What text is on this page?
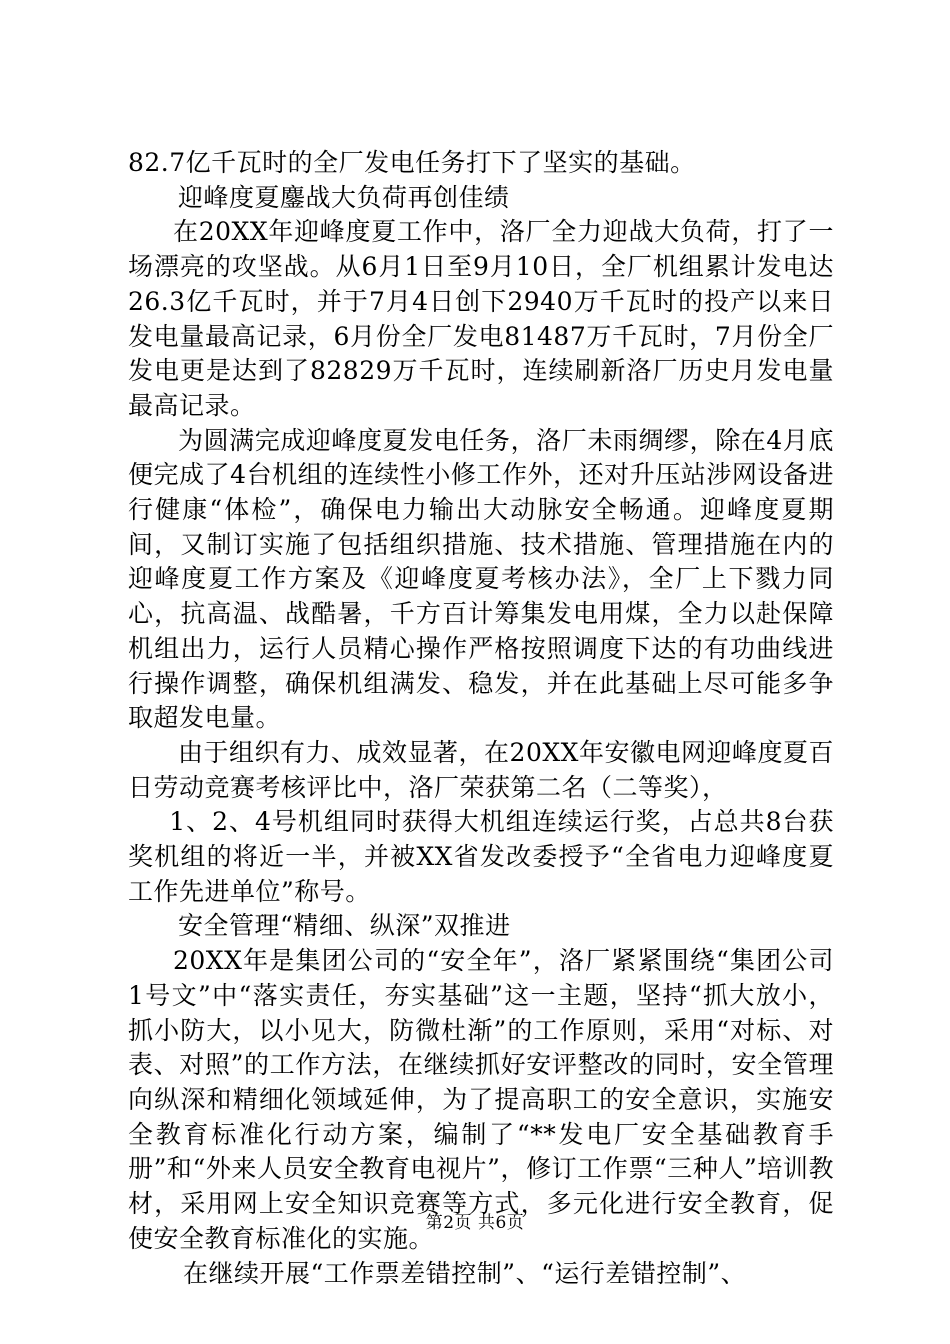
82.7亿千瓦时的全厂发电任务打下了坚实的基础。

迎峰度夏鏖战大负荷再创佳绩

在20XX年迎峰度夏工作中，洛厂全力迎战大负荷，打了一场漂亮的攻坚战。从6月1日至9月10日，全厂机组累计发电达26.3亿千瓦时，并于7月4日创下2940万千瓦时的投产以来日发电量最高记录，6月份全厂发电81487万千瓦时，7月份全厂发电更是达到了82829万千瓦时，连续刷新洛厂历史月发电量最高记录。

为圆满完成迎峰度夏发电任务，洛厂未雨绸缪，除在4月底便完成了4台机组的连续性小修工作外，还对升压站涉网设备进行健康“体检”，确保电力输出大动脉安全畅通。迎峰度夏期间，又制订实施了包括组织措施、技术措施、管理措施在内的迎峰度夏工作方案及《迎峰度夏考核办法》，全厂上下戮力同心，抗高温、战酷暑，千方百计筹集发电用煤，全力以赴保障机组出力，运行人员精心操作严格按照调度下达的有功曲线进行操作调整，确保机组满发、稳发，并在此基础上尽可能多争取超发电量。

由于组织有力、成效显著，在20XX年安徽电网迎峰度夏百日劳动竞赛考核评比中，洛厂荣获第二名（二等奖），

1、2、4号机组同时获得大机组连续运行奖，占总共8台获奖机组的将近一半，并被XX省发改委授予“全省电力迎峰度夏工作先进单位”称号。

安全管理“精细、纵深”双推进

20XX年是集团公司的“安全年”，洛厂紧紧围绕“集团公司1号文”中“落实责任，夯实基础”这一主题，坚持“抓大放小，抓小防大，以小见大，防微杜渐”的工作原则，采用“对标、对表、对照”的工作方法，在继续抓好安评整改的同时，安全管理向纵深和精细化领域延伸，为了提高职工的安全意识，实施安全教育标准化行动方案，编制了“**发电厂安全基础教育手册”和“外来人员安全教育电视片”，修订工作票“三种人”培训教材，采用网上安全知识竞赛等方式，多元化进行安全教育，促使安全教育标准化的实施。

在继续开展“工作票差错控制”、“运行差错控制”、

第2页 共6页
